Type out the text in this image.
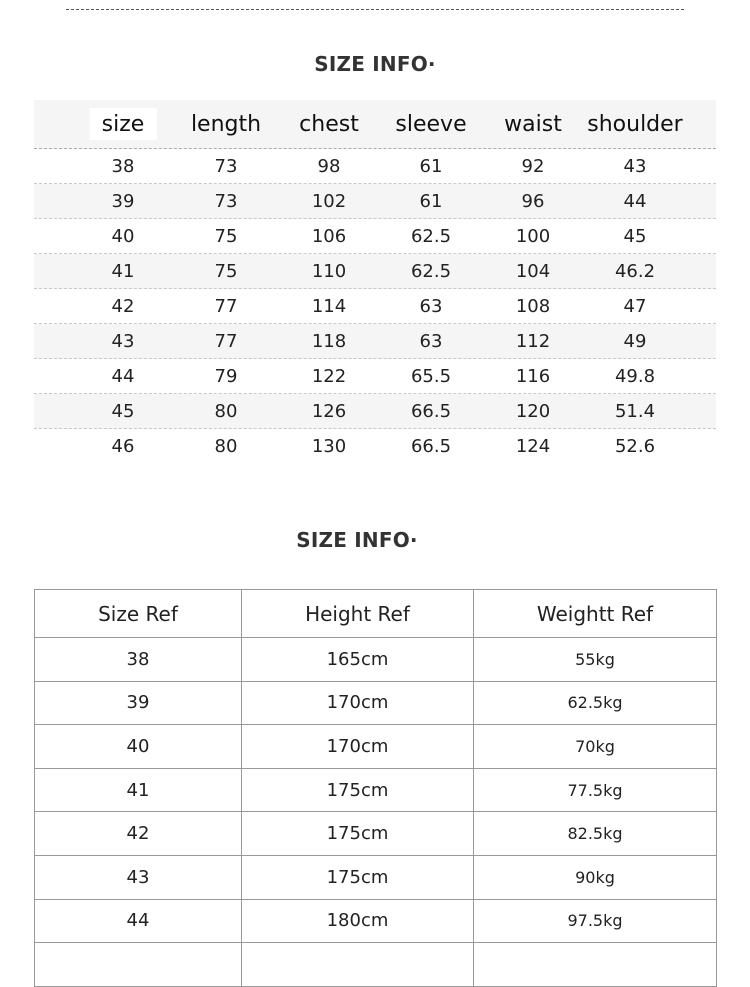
SIZE INFO·
size	length chest sleeve waist shoulder
38	73	98	61	92	43
39	73	102	61	96	44
40	75	106	62.5	100	45
41	75	110	62.5	104	46.2
42	77	114	63	108	47
43	77	118	63	112	49
44	79	122	65.5	116	49.8
45	80	126	66.5	120	51.4
46	80	130	66.5	124	52.6
SIZE INFO·
Size Ref	Height Ref	Weightt Ref
38	165cm	55kg
39	170cm	62.5kg
40	170cm	70kg
41	175cm	77.5kg
42	175cm	82.5kg
43	175cm	90kg
44	180cm	97.5kg
